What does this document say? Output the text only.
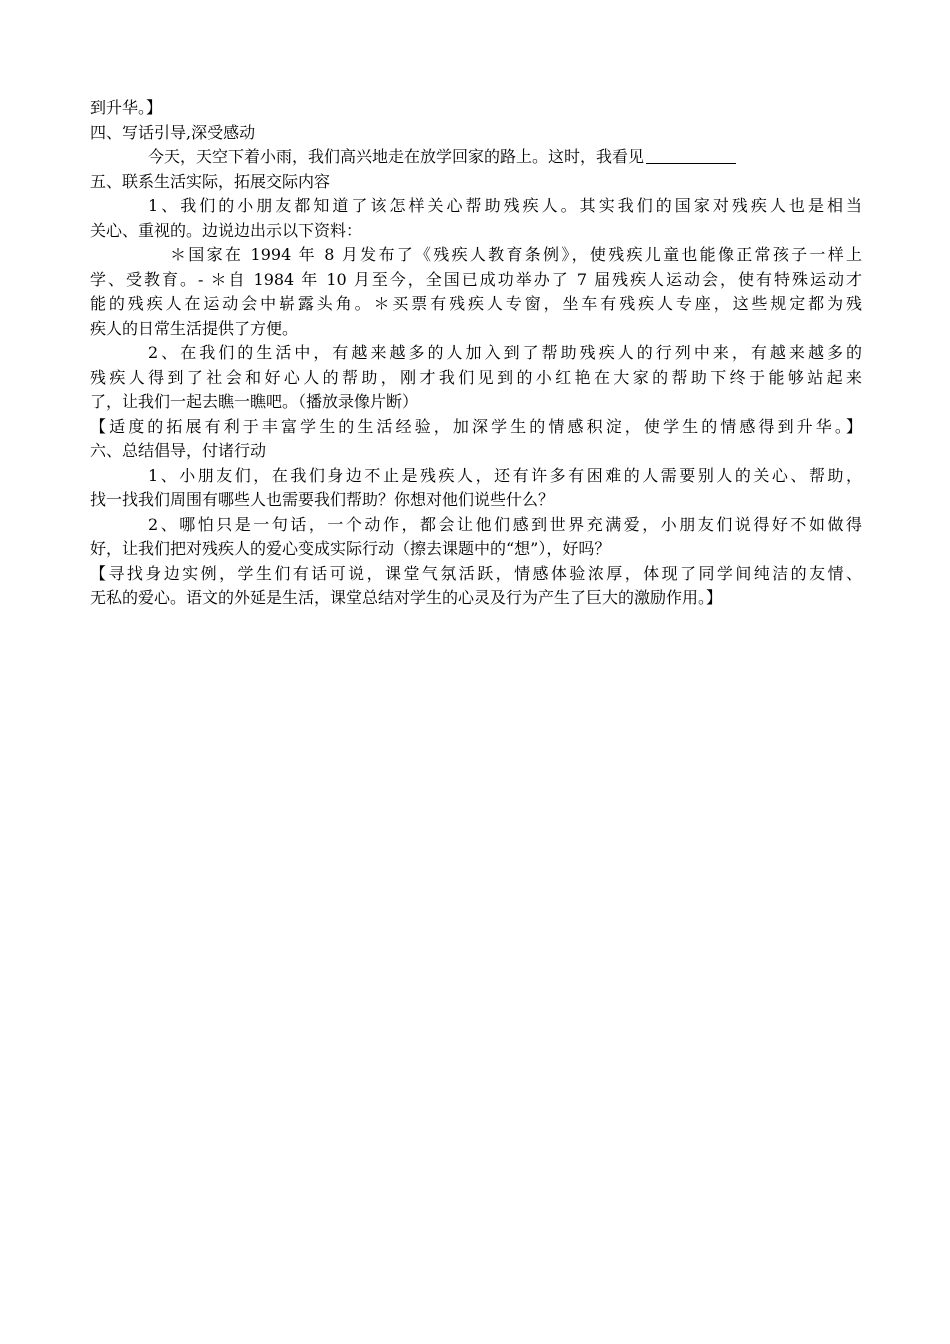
到升华。】
四、写话引导,深受感动
今天，天空下着小雨，我们高兴地走在放学回家的路上。这时，我看见
五、联系生活实际，拓展交际内容
1、我们的小朋友都知道了该怎样关心帮助残疾人。其实我们的国家对残疾人也是相当
关心、重视的。边说边出示以下资料：
＊国家在 1994 年 8 月发布了《残疾人教育条例》，使残疾儿童也能像正常孩子一样上
学、受教育。- ＊自 1984 年 10 月至今，全国已成功举办了 7 届残疾人运动会，使有特殊运动才
能的残疾人在运动会中崭露头角。＊买票有残疾人专窗，坐车有残疾人专座，这些规定都为残
疾人的日常生活提供了方便。
2、在我们的生活中，有越来越多的人加入到了帮助残疾人的行列中来，有越来越多的
残疾人得到了社会和好心人的帮助，刚才我们见到的小红艳在大家的帮助下终于能够站起来
了，让我们一起去瞧一瞧吧。（播放录像片断）
【适度的拓展有利于丰富学生的生活经验，加深学生的情感积淀，使学生的情感得到升华。】
六、总结倡导，付诸行动
1、小朋友们，在我们身边不止是残疾人，还有许多有困难的人需要别人的关心、帮助，
找一找我们周围有哪些人也需要我们帮助？你想对他们说些什么？
2、哪怕只是一句话，一个动作，都会让他们感到世界充满爱，小朋友们说得好不如做得
好，让我们把对残疾人的爱心变成实际行动（擦去课题中的“想”），好吗？
【寻找身边实例，学生们有话可说，课堂气氛活跃，情感体验浓厚，体现了同学间纯洁的友情、
无私的爱心。语文的外延是生活，课堂总结对学生的心灵及行为产生了巨大的激励作用。】
